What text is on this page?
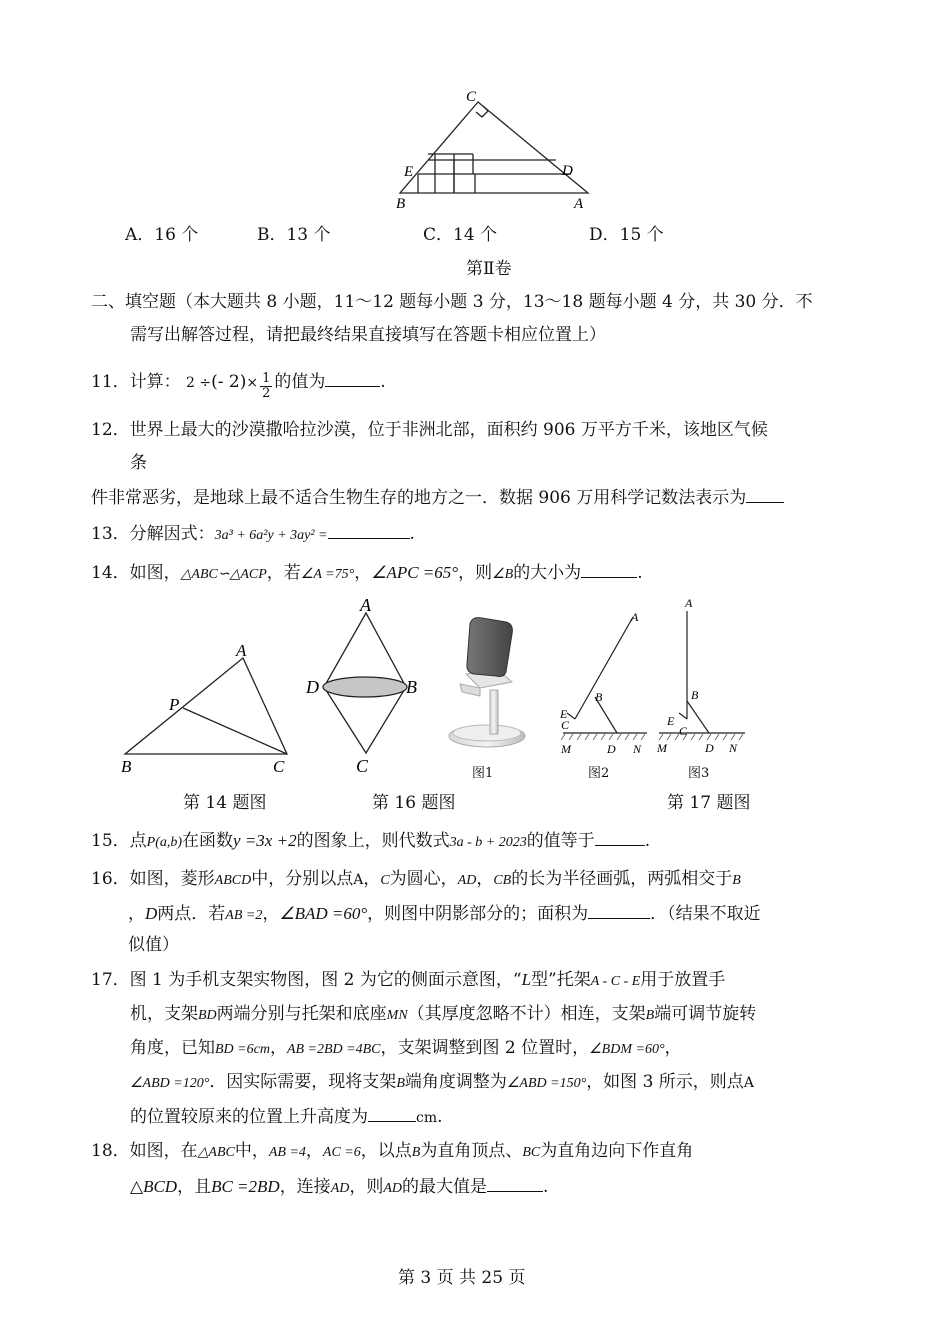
C
E	D
B	A
A．16 个	B．13 个	C．14 个	D．15 个
第Ⅱ卷
二、填空题（本大题共 8 小题，11～12 题每小题 3 分，13～18 题每小题 4 分，共 30 分．不
需写出解答过程，请把最终结果直接填写在答题卡相应位置上）
11．计算： 2 ÷(- $2)\times \frac{1}{2}$ 的值为	.
12．世界上最大的沙漠撒哈拉沙漠，位于非洲北部，面积约 906 万平方千米，该地区气候
条
件非常恶劣，是地球上最不适合生物生存的地方之一．数据 906 万用科学记数法表示为
13．分解因式：3a³ + 6a²y + 3ay² =	.
14．如图，△ABC∽△ACP，若∠A =75°，∠APC =65°，则∠B的大小为	.
A
P
B	C
第 14 题图
A
D	B
C
第 16 题图
A
B
E
C
M	D N
A
B
E
C
M	D N
图1	图2	图3
第 17 题图
15．点P(a,b)在函数y =3x +2的图象上，则代数式3a - b + 2023的值等于	.
16．如图，菱形ABCD中，分别以点A，C为圆心，AD，CB的长为半径画弧，两弧相交于B
，D两点．若AB =2，∠BAD =60°，则图中阴影部分的；面积为	．（结果不取近
似值）
17．图 1 为手机支架实物图，图 2 为它的侧面示意图，“L型”托架A - C - E用于放置手
机，支架BD两端分别与托架和底座MN（其厚度忽略不计）相连，支架B端可调节旋转
角度，已知BD =6cm，AB =2BD =4BC，支架调整到图 2 位置时，∠BDM =60°，
∠ABD =120°．因实际需要，现将支架B端角度调整为∠ABD =150°，如图 3 所示，则点A
的位置较原来的位置上升高度为	cm.
18．如图，在△ABC中，AB =4，AC =6，以点B为直角顶点、BC为直角边向下作直角
△BCD，且BC =2BD，连接AD，则AD的最大值是	.
第 3 页 共 25 页
